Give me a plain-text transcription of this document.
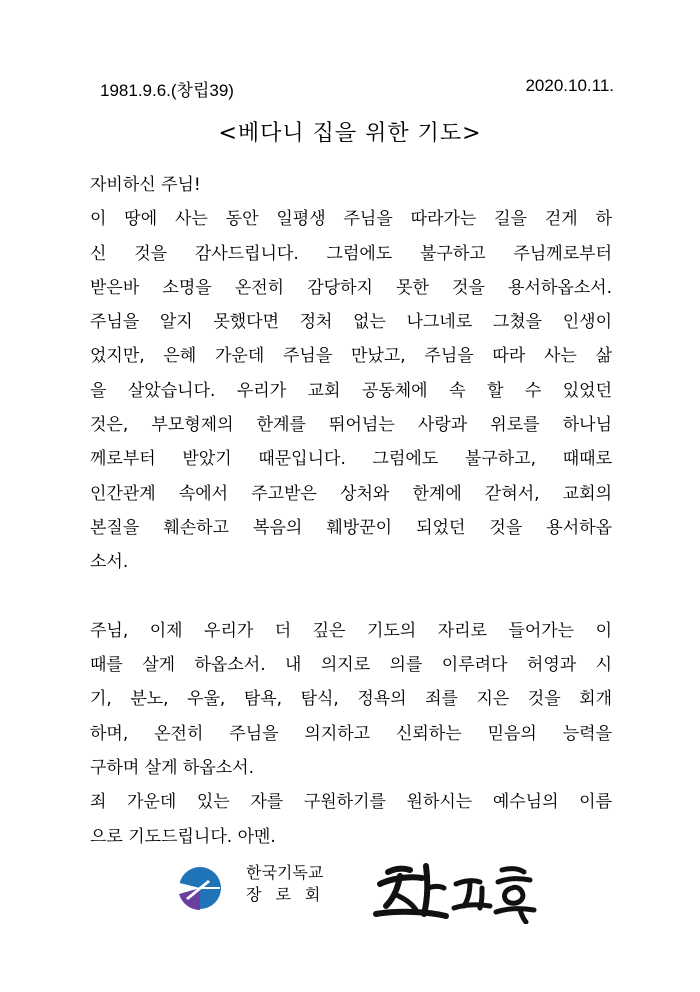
1981.9.6.(창립39)	2020.10.11.
<베다니 집을 위한 기도>
자비하신 주님!
이 땅에 사는 동안 일평생 주님을 따라가는 길을 걷게 하
신 것을 감사드립니다. 그럼에도 불구하고 주님께로부터
받은바 소명을 온전히 감당하지 못한 것을 용서하옵소서.
주님을 알지 못했다면 정처 없는 나그네로 그쳤을 인생이
었지만, 은혜 가운데 주님을 만났고, 주님을 따라 사는 삶
을 살았습니다. 우리가 교회 공동체에 속 할 수 있었던
것은, 부모형제의 한계를 뛰어넘는 사랑과 위로를 하나님
께로부터 받았기 때문입니다. 그럼에도 불구하고, 때때로
인간관계 속에서 주고받은 상처와 한계에 갇혀서, 교회의
본질을 훼손하고 복음의 훼방꾼이 되었던 것을 용서하옵
소서.
주님, 이제 우리가 더 깊은 기도의 자리로 들어가는 이
때를 살게 하옵소서. 내 의지로 의를 이루려다 허영과 시
기, 분노, 우울, 탐욕, 탐식, 정욕의 죄를 지은 것을 회개
하며, 온전히 주님을 의지하고 신뢰하는 믿음의 능력을
구하며 살게 하옵소서.
죄 가운데 있는 자를 구원하기를 원하시는 예수님의 이름
으로 기도드립니다. 아멘.
한국기독교
장로회
